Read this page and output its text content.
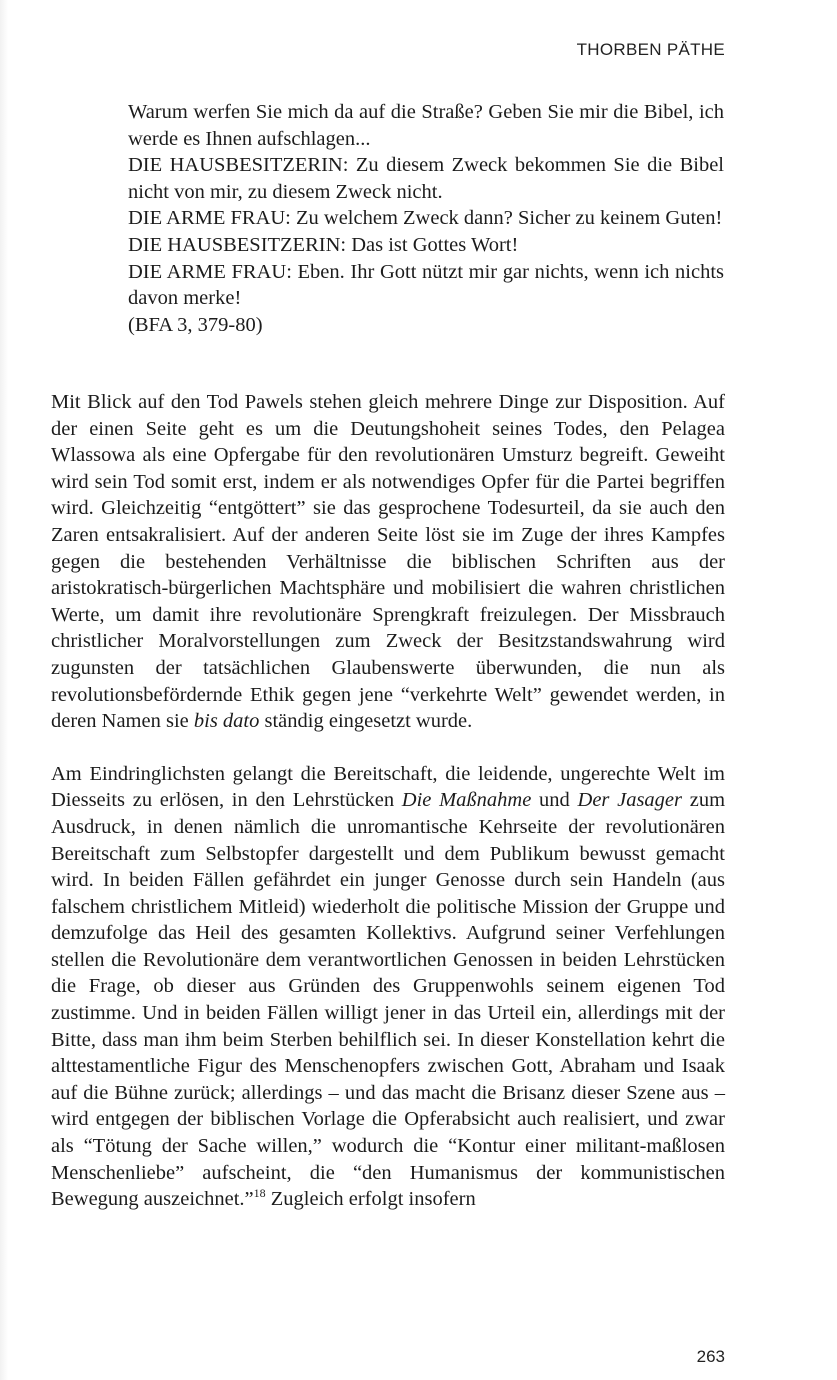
THORBEN PÄTHE
Warum werfen Sie mich da auf die Straße? Geben Sie mir die Bibel, ich werde es Ihnen aufschlagen...
DIE HAUSBESITZERIN: Zu diesem Zweck bekommen Sie die Bibel nicht von mir, zu diesem Zweck nicht.
DIE ARME FRAU: Zu welchem Zweck dann? Sicher zu keinem Guten!
DIE HAUSBESITZERIN: Das ist Gottes Wort!
DIE ARME FRAU: Eben. Ihr Gott nützt mir gar nichts, wenn ich nichts davon merke!
(BFA 3, 379-80)

Mit Blick auf den Tod Pawels stehen gleich mehrere Dinge zur Disposition. Auf der einen Seite geht es um die Deutungshoheit seines Todes, den Pelagea Wlassowa als eine Opfergabe für den revolutionären Umsturz begreift. Geweiht wird sein Tod somit erst, indem er als notwendiges Opfer für die Partei begriffen wird. Gleichzeitig “entgöttert” sie das gesprochene Todesurteil, da sie auch den Zaren entsakralisiert. Auf der anderen Seite löst sie im Zuge der ihres Kampfes gegen die bestehenden Verhältnisse die biblischen Schriften aus der aristokratisch-bürgerlichen Machtsphäre und mobilisiert die wahren christlichen Werte, um damit ihre revolutionäre Sprengkraft freizulegen. Der Missbrauch christlicher Moralvorstellungen zum Zweck der Besitzstandswahrung wird zugunsten der tatsächlichen Glaubenswerte überwunden, die nun als revolutionsbefördernde Ethik gegen jene “verkehrte Welt” gewendet werden, in deren Namen sie bis dato ständig eingesetzt wurde.

Am Eindringlichsten gelangt die Bereitschaft, die leidende, ungerechte Welt im Diesseits zu erlösen, in den Lehrstücken Die Maßnahme und Der Jasager zum Ausdruck, in denen nämlich die unromantische Kehrseite der revolutionären Bereitschaft zum Selbstopfer dargestellt und dem Publikum bewusst gemacht wird. In beiden Fällen gefährdet ein junger Genosse durch sein Handeln (aus falschem christlichem Mitleid) wiederholt die politische Mission der Gruppe und demzufolge das Heil des gesamten Kollektivs. Aufgrund seiner Verfehlungen stellen die Revolutionäre dem verantwortlichen Genossen in beiden Lehrstücken die Frage, ob dieser aus Gründen des Gruppenwohls seinem eigenen Tod zustimme. Und in beiden Fällen willigt jener in das Urteil ein, allerdings mit der Bitte, dass man ihm beim Sterben behilflich sei. In dieser Konstellation kehrt die alttestamentliche Figur des Menschenopfers zwischen Gott, Abraham und Isaak auf die Bühne zurück; allerdings – und das macht die Brisanz dieser Szene aus – wird entgegen der biblischen Vorlage die Opferabsicht auch realisiert, und zwar als “Tötung der Sache willen,” wodurch die “Kontur einer militant-maßlosen Menschenliebe” aufscheint, die “den Humanismus der kommunistischen Bewegung auszeichnet.”$^{18}$ Zugleich erfolgt insofern

263
